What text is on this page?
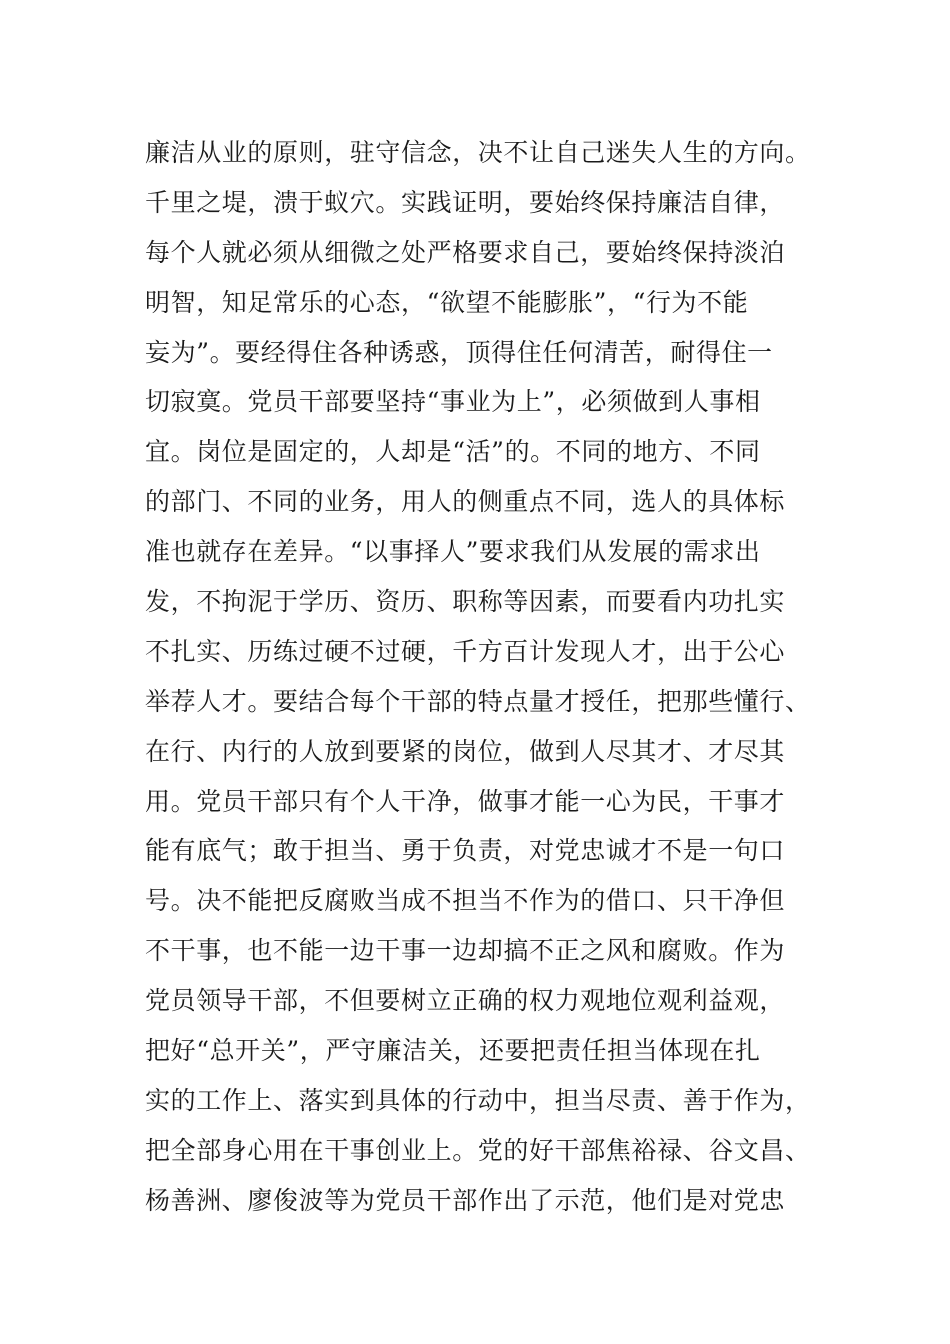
廉洁从业的原则，驻守信念，决不让自己迷失人生的方向。
千里之堤，溃于蚁穴。实践证明，要始终保持廉洁自律，
每个人就必须从细微之处严格要求自己，要始终保持淡泊
明智，知足常乐的心态，“欲望不能膨胀”，“行为不能
妄为”。要经得住各种诱惑，顶得住任何清苦，耐得住一
切寂寞。党员干部要坚持“事业为上”，必须做到人事相
宜。岗位是固定的，人却是“活”的。不同的地方、不同
的部门、不同的业务，用人的侧重点不同，选人的具体标
准也就存在差异。“以事择人”要求我们从发展的需求出
发，不拘泥于学历、资历、职称等因素，而要看内功扎实
不扎实、历练过硬不过硬，千方百计发现人才，出于公心
举荐人才。要结合每个干部的特点量才授任，把那些懂行、
在行、内行的人放到要紧的岗位，做到人尽其才、才尽其
用。党员干部只有个人干净，做事才能一心为民，干事才
能有底气；敢于担当、勇于负责，对党忠诚才不是一句口
号。决不能把反腐败当成不担当不作为的借口、只干净但
不干事，也不能一边干事一边却搞不正之风和腐败。作为
党员领导干部，不但要树立正确的权力观地位观利益观，
把好“总开关”，严守廉洁关，还要把责任担当体现在扎
实的工作上、落实到具体的行动中，担当尽责、善于作为，
把全部身心用在干事创业上。党的好干部焦裕禄、谷文昌、
杨善洲、廖俊波等为党员干部作出了示范，他们是对党忠
